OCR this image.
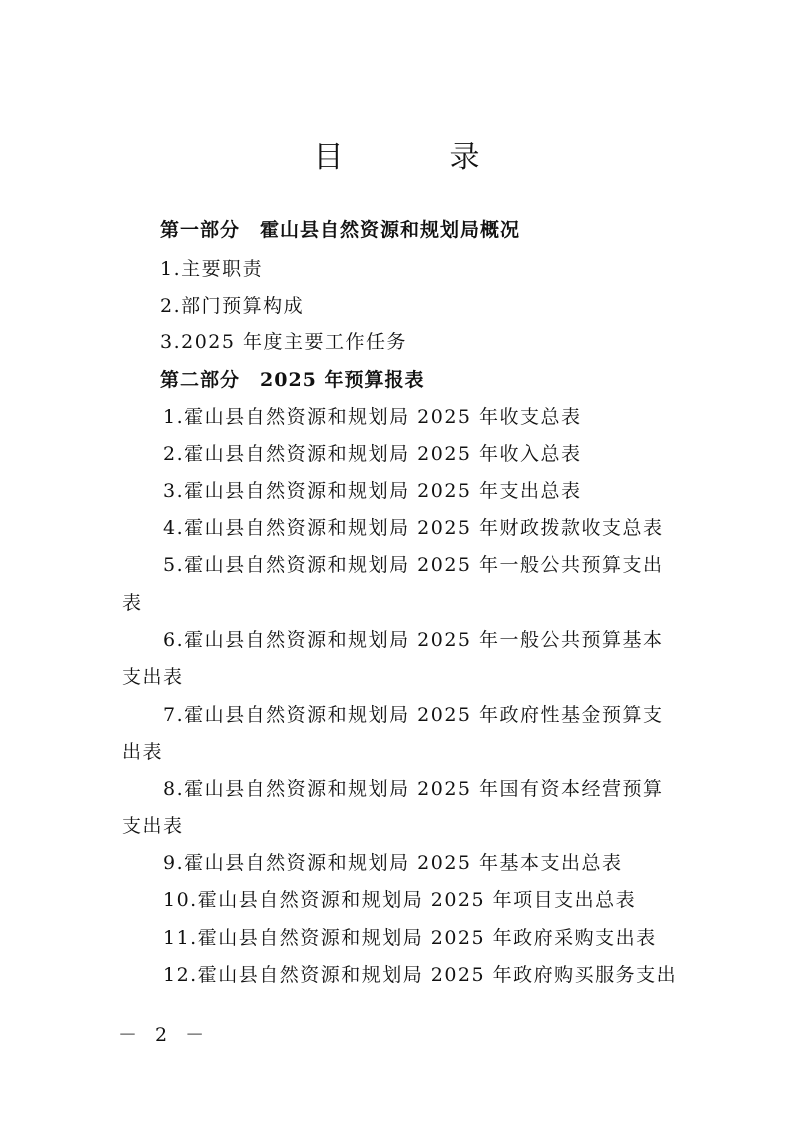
目　录
第一部分　霍山县自然资源和规划局概况
1.主要职责
2.部门预算构成
3.2025 年度主要工作任务
第二部分　2025 年预算报表
1.霍山县自然资源和规划局 2025 年收支总表
2.霍山县自然资源和规划局 2025 年收入总表
3.霍山县自然资源和规划局 2025 年支出总表
4.霍山县自然资源和规划局 2025 年财政拨款收支总表
5.霍山县自然资源和规划局 2025 年一般公共预算支出
表
6.霍山县自然资源和规划局 2025 年一般公共预算基本
支出表
7.霍山县自然资源和规划局 2025 年政府性基金预算支
出表
8.霍山县自然资源和规划局 2025 年国有资本经营预算
支出表
9.霍山县自然资源和规划局 2025 年基本支出总表
10.霍山县自然资源和规划局 2025 年项目支出总表
11.霍山县自然资源和规划局 2025 年政府采购支出表
12.霍山县自然资源和规划局 2025 年政府购买服务支出
－ 2 －
